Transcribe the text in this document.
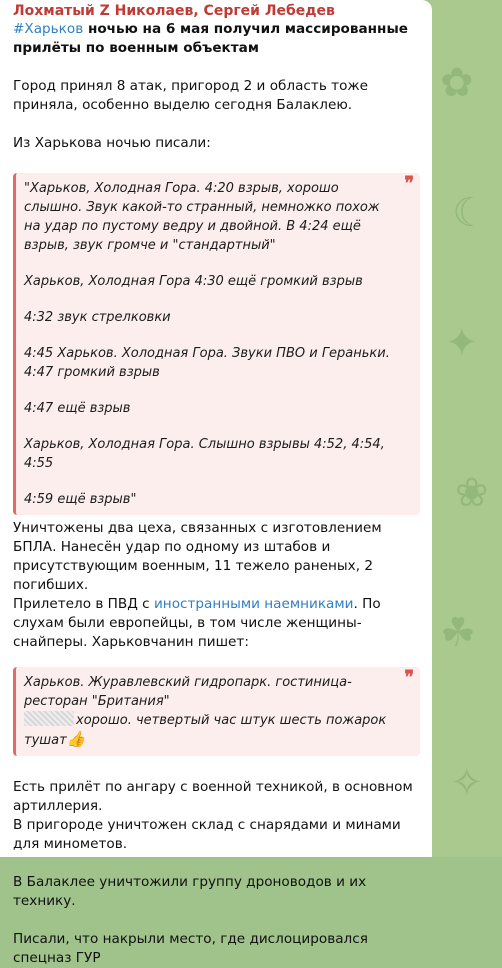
✿
☾
✦
❀
☘
✧

Лохматый Z Николаев, Сергей Лебедев

#Харьков ночью на 6 мая получил массированные прилёты по военным объектам

Город принял 8 атак, пригород 2 и область тоже приняла, особенно выделю сегодня Балаклею.

Из Харькова ночью писали:

❞

"Харьков, Холодная Гора. 4:20 взрыв, хорошо слышно. Звук какой-то странный, немножко похож на удар по пустому ведру и двойной. В 4:24 ещё взрыв, звук громче и "стандартный"

Харьков, Холодная Гора 4:30 ещё громкий взрыв

4:32 звук стрелковки

4:45 Харьков. Холодная Гора. Звуки ПВО и Гераньки. 4:47 громкий взрыв

4:47 ещё взрыв

Харьков, Холодная Гора. Слышно взрывы 4:52, 4:54, 4:55

4:59 ещё взрыв"

Уничтожены два цеха, связанных с изготовлением БПЛА. Нанесён удар по одному из штабов и присутствующим военным, 11 тежело раненых, 2 погибших.

Прилетело в ПВД с иностранными наемниками. По слухам были европейцы, в том числе женщины-снайперы. Харьковчанин пишет:

❞

Харьков. Журавлевский гидропарк. гостиница-ресторан "Британия"

хорошо. четвертый час штук шесть пожарок тушат👍

Есть прилёт по ангару с военной техникой, в основном артиллерия.

В пригороде уничтожен склад с снарядами и минами для минометов.

В Балаклее уничтожили группу дроноводов и их технику.

Писали, что накрыли место, где дислоцировался спецназ ГУР
